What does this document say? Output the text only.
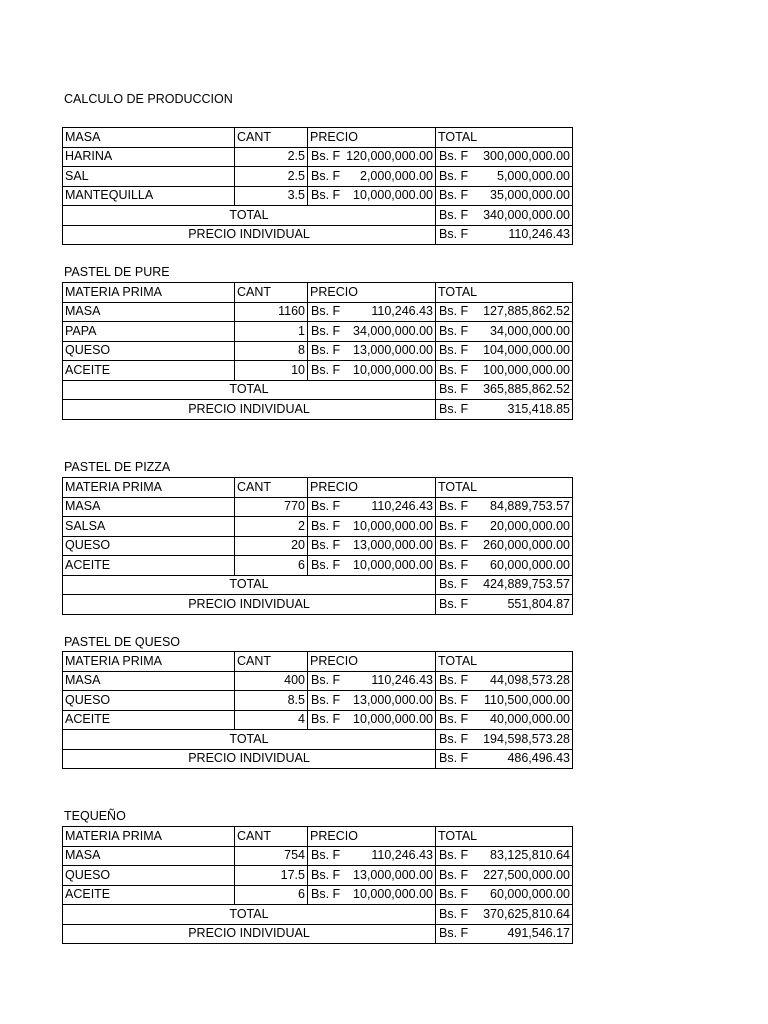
CALCULO DE PRODUCCION
MASA	CANT	PRECIO	TOTAL
HARINA	2.5	Bs. F 120,000,000.00	Bs. F 300,000,000.00

SAL	2.5	Bs. F 2,000,000.00	Bs. F 5,000,000.00

MANTEQUILLA	3.5	Bs. F 10,000,000.00	Bs. F 35,000,000.00

TOTAL			Bs. F 340,000,000.00

PRECIO INDIVIDUAL			Bs. F 110,246.43
PASTEL DE PURE
MATERIA PRIMA	CANT	PRECIO	TOTAL
MASA	1160	Bs. F 110,246.43	Bs. F 127,885,862.52

PAPA	1	Bs. F 34,000,000.00	Bs. F 34,000,000.00

QUESO	8	Bs. F 13,000,000.00	Bs. F 104,000,000.00

ACEITE	10	Bs. F 10,000,000.00	Bs. F 100,000,000.00

TOTAL			Bs. F 365,885,862.52

PRECIO INDIVIDUAL			Bs. F 315,418.85
PASTEL DE PIZZA
MATERIA PRIMA	CANT	PRECIO	TOTAL
MASA	770	Bs. F 110,246.43	Bs. F 84,889,753.57

SALSA	2	Bs. F 10,000,000.00	Bs. F 20,000,000.00

QUESO	20	Bs. F 13,000,000.00	Bs. F 260,000,000.00

ACEITE	6	Bs. F 10,000,000.00	Bs. F 60,000,000.00

TOTAL			Bs. F 424,889,753.57

PRECIO INDIVIDUAL			Bs. F 551,804.87
PASTEL DE QUESO
MATERIA PRIMA	CANT	PRECIO	TOTAL
MASA	400	Bs. F 110,246.43	Bs. F 44,098,573.28

QUESO	8.5	Bs. F 13,000,000.00	Bs. F 110,500,000.00

ACEITE	4	Bs. F 10,000,000.00	Bs. F 40,000,000.00

TOTAL			Bs. F 194,598,573.28

PRECIO INDIVIDUAL			Bs. F 486,496.43
TEQUEÑO
MATERIA PRIMA	CANT	PRECIO	TOTAL
MASA	754	Bs. F 110,246.43	Bs. F 83,125,810.64

QUESO	17.5	Bs. F 13,000,000.00	Bs. F 227,500,000.00

ACEITE	6	Bs. F 10,000,000.00	Bs. F 60,000,000.00

TOTAL			Bs. F 370,625,810.64

PRECIO INDIVIDUAL			Bs. F 491,546.17
